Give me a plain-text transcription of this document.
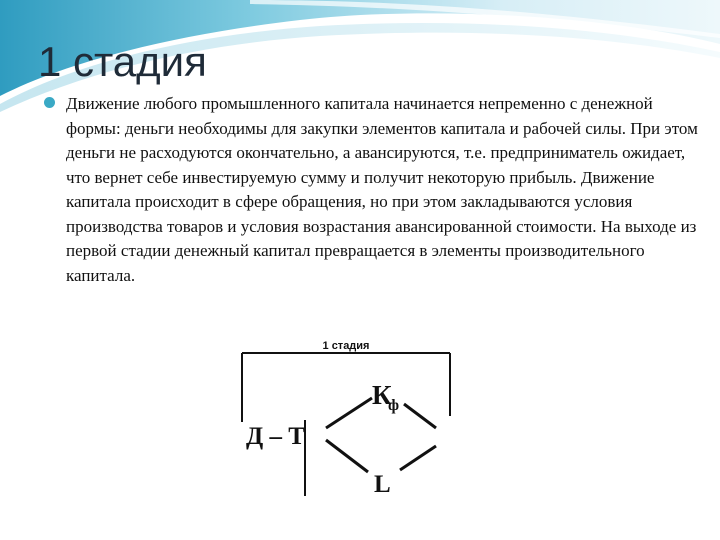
1 стадия

Движение любого промышленного капитала начинается непременно с денежной формы: деньги необходимы для закупки элементов капитала и рабочей силы. При этом деньги не расходуются окончательно, а авансируются, т.е. предприниматель ожидает, что вернет себе инвестируемую сумму и получит некоторую прибыль. Движение капитала происходит в сфере обращения, но при этом закладываются условия производства товаров и условия возрастания авансированной стоимости. На выходе из первой стадии денежный капитал превращается в элементы производительного капитала.

1 стадия
Д – Т
К
ф
L
